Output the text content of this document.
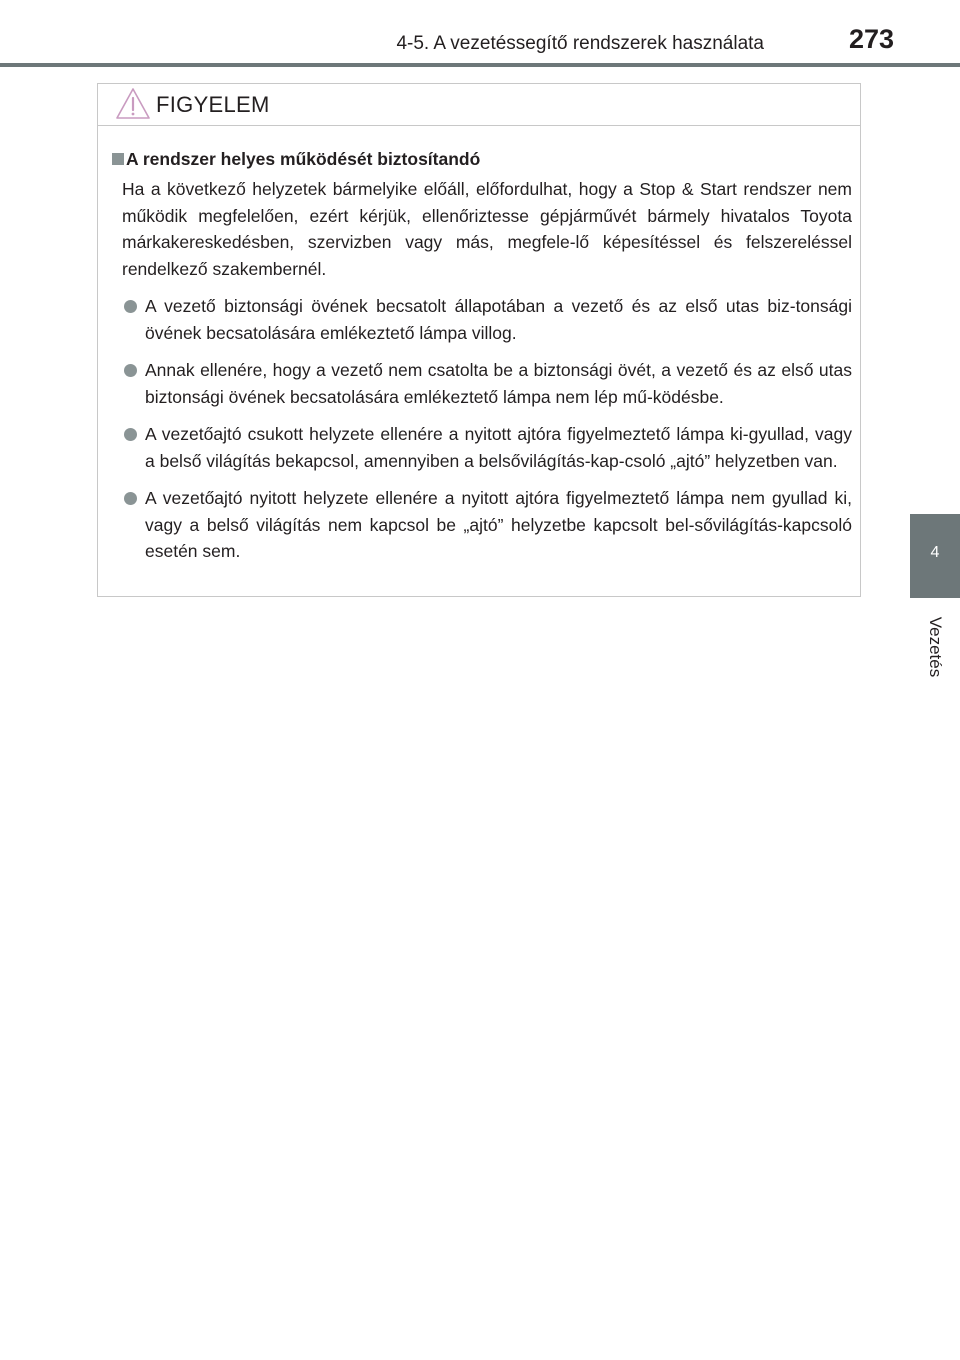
4-5. A vezetéssegítő rendszerek használata	273
4
Vezetés
FIGYELEM
A rendszer helyes működését biztosítandó
Ha a következő helyzetek bármelyike előáll, előfordulhat, hogy a Stop & Start rendszer nem működik megfelelően, ezért kérjük, ellenőriztesse gépjárművét bármely hivatalos Toyota márkakereskedésben, szervizben vagy más, megfele-lő képesítéssel és felszereléssel rendelkező szakembernél.
A vezető biztonsági övének becsatolt állapotában a vezető és az első utas biz-tonsági övének becsatolására emlékeztető lámpa villog.
Annak ellenére, hogy a vezető nem csatolta be a biztonsági övét, a vezető és az első utas biztonsági övének becsatolására emlékeztető lámpa nem lép mű-ködésbe.
A vezetőajtó csukott helyzete ellenére a nyitott ajtóra figyelmeztető lámpa ki-gyullad, vagy a belső világítás bekapcsol, amennyiben a belsővilágítás-kap-csoló „ajtó” helyzetben van.
A vezetőajtó nyitott helyzete ellenére a nyitott ajtóra figyelmeztető lámpa nem gyullad ki, vagy a belső világítás nem kapcsol be „ajtó” helyzetbe kapcsolt bel-sővilágítás-kapcsoló esetén sem.
